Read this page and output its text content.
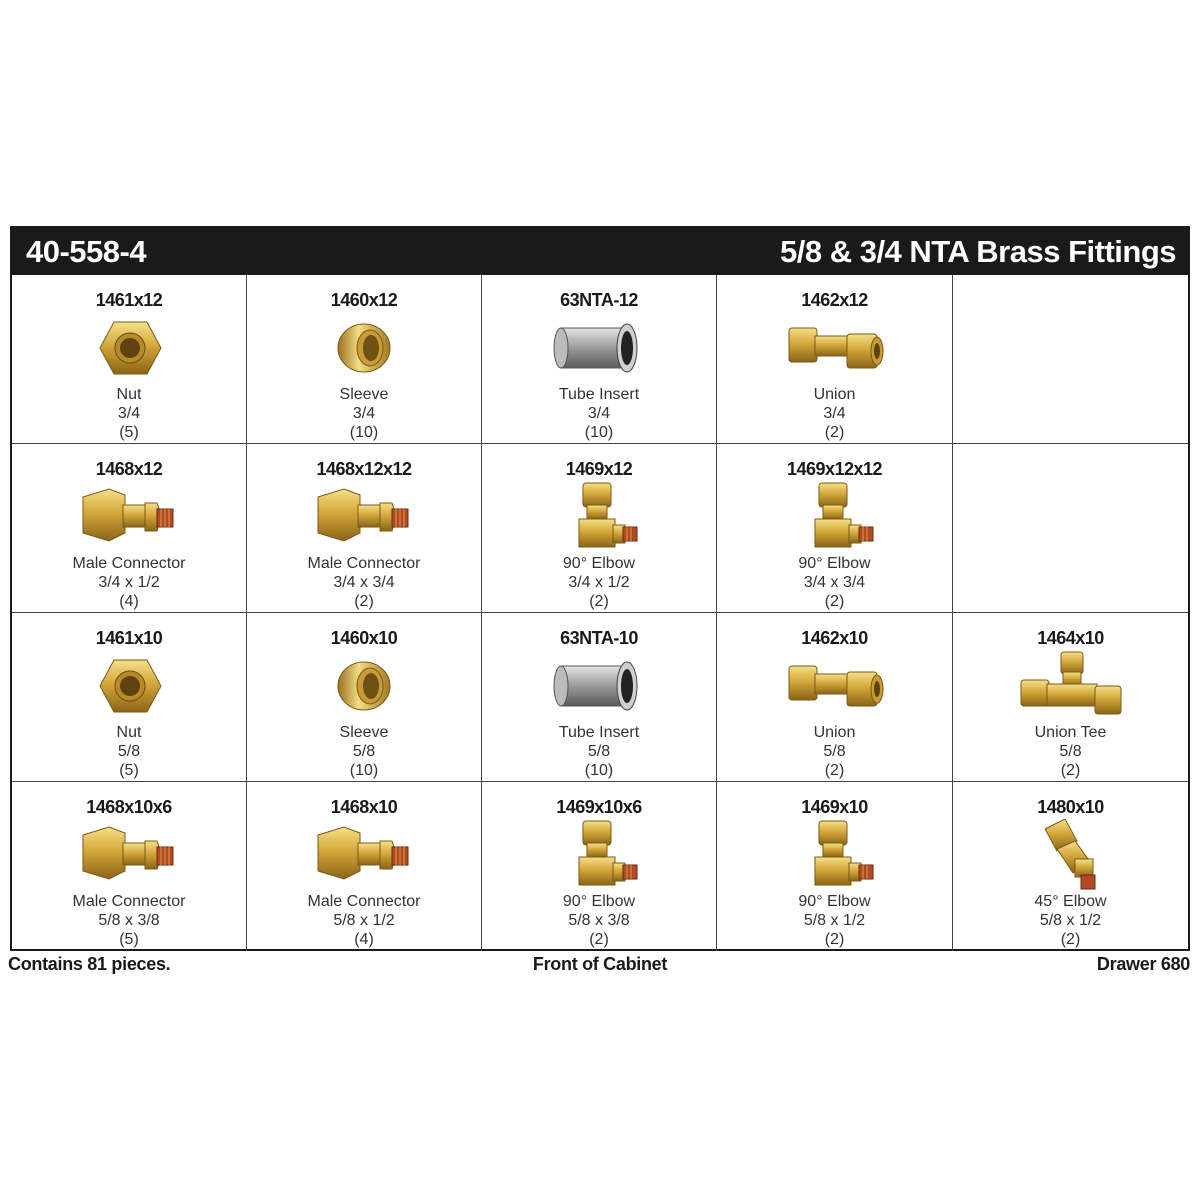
40-558-4	5/8 & 3/4 NTA Brass Fittings
1461x12
Nut
3/4
(5)
1460x12
Sleeve
3/4
(10)
63NTA-12
Tube Insert
3/4
(10)
1462x12
Union
3/4
(2)
1468x12
Male Connector
3/4 x 1/2
(4)
1468x12x12
Male Connector
3/4 x 3/4
(2)
1469x12
90° Elbow
3/4 x 1/2
(2)
1469x12x12
90° Elbow
3/4 x 3/4
(2)
1461x10
Nut
5/8
(5)
1460x10
Sleeve
5/8
(10)
63NTA-10
Tube Insert
5/8
(10)
1462x10
Union
5/8
(2)
1464x10
Union Tee
5/8
(2)
1468x10x6
Male Connector
5/8 x 3/8
(5)
1468x10
Male Connector
5/8 x 1/2
(4)
1469x10x6
90° Elbow
5/8 x 3/8
(2)
1469x10
90° Elbow
5/8 x 1/2
(2)
1480x10
45° Elbow
5/8 x 1/2
(2)
Contains 81 pieces.	Front of Cabinet	Drawer 680
